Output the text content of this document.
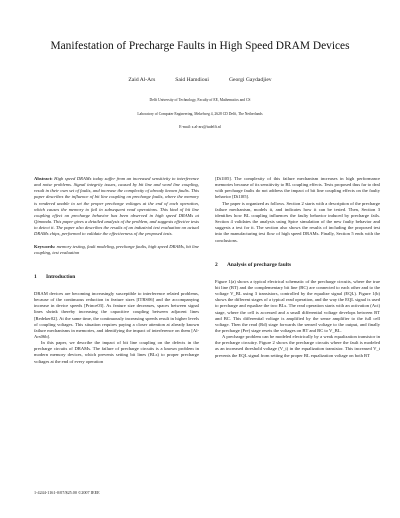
Manifestation of Precharge Faults in High Speed DRAM Devices
Zaid Al-Ars	Said Hamdioui	Georgi Gaydadjiev
Delft University of Technology, Faculty of EE, Mathematics and CS
Laboratory of Computer Engineering, Mekelweg 4, 2628 CD Delft, The Netherlands
E-mail: z.al-ars@tudelft.nl

Abstract: High speed DRAMs today suffer from an increased sensitivity to interference and noise problems. Signal integrity issues, caused by bit line and word line coupling, result in their own set of faults, and increase the complexity of already known faults. This paper describes the influence of bit line coupling on precharge faults, where the memory is rendered unable to set the proper precharge voltages at the end of each operation, which causes the memory to fail in subsequent read operations. This kind of bit line coupling effect on precharge behavior has been observed in high speed DRAMs at Qimonda. This paper gives a detailed analysis of the problem, and suggests effective tests to detect it. The paper also describes the results of an industrial test evaluation on actual DRAMs chips, performed to validate the effectiveness of the proposed tests.

Keywords: memory testing, fault modeling, precharge faults, high speed DRAMs, bit line coupling, test evaluation

1 Introduction

DRAM devices are becoming increasingly susceptible to interference related problems, because of the continuous reduction in feature sizes [ITRS06] and the accompanying increase in device speeds [Prince03]. As feature size decreases, spaces between signal lines shrink thereby increasing the capacitive coupling between adjacent lines [Redeker02]. At the same time, the continuously increasing speeds result in higher levels of coupling voltages. This situation requires paying a closer attention at already known failure mechanisms in memories, and identifying the impact of interference on them [Al-Ars06b].

In this paper, we describe the impact of bit line coupling on the defects in the precharge circuits of DRAMs. The failure of precharge circuits is a known problem in modern memory devices, which prevents setting bit lines (BLs) to proper precharge voltages at the end of every operation

[Di1l05]. The complexity of this failure mechanism increases in high performance memories because of its sensitivity to BL coupling effects. Tests proposed thus far to deal with precharge faults do not address the impact of bit line coupling effects on the faulty behavior [Di1l05].

The paper is organized as follows. Section 2 starts with a description of the precharge failure mechanism, models it, and indicates how it can be tested. Then, Section 3 identifies how BL coupling influences the faulty behavior induced by precharge fails. Section 4 validates the analysis using Spice simulation of the new faulty behavior and suggests a test for it. The section also shows the results of including the proposed test into the manufacturing test flow of high speed DRAMs. Finally, Section 5 ends with the conclusions.

2 Analysis of precharge faults

Figure 1(a) shows a typical electrical schematic of the precharge circuits, where the true bit line (BT) and the complementary bit line (BC) are connected to each other and to the voltage V_BL using 3 transistors, controlled by the equalize signal (EQL). Figure 1(b) shows the different stages of a typical read operation, and the way the EQL signal is used to precharge and equalize the two BLs. The read operation starts with an activation (Act) stage, where the cell is accessed and a small differential voltage develops between BT and BC. This differential voltage is amplified by the sense amplifier to the full cell voltage. Then the read (Rd) stage forwards the sensed voltage to the output, and finally the precharge (Pre) stage resets the voltages on BT and BC to V_BL.

A precharge problem can be modeled electrically by a weak equalization transistor in the precharge circuitry. Figure 2 shows the precharge circuits where the fault is modeled as an increased threshold voltage (V_t) in the equalization transistor. This increased V_t prevents the EQL signal from setting the proper BL equalization voltage on both BT

1-4244-1161-0/07/$25.00 ©2007 IEEE
